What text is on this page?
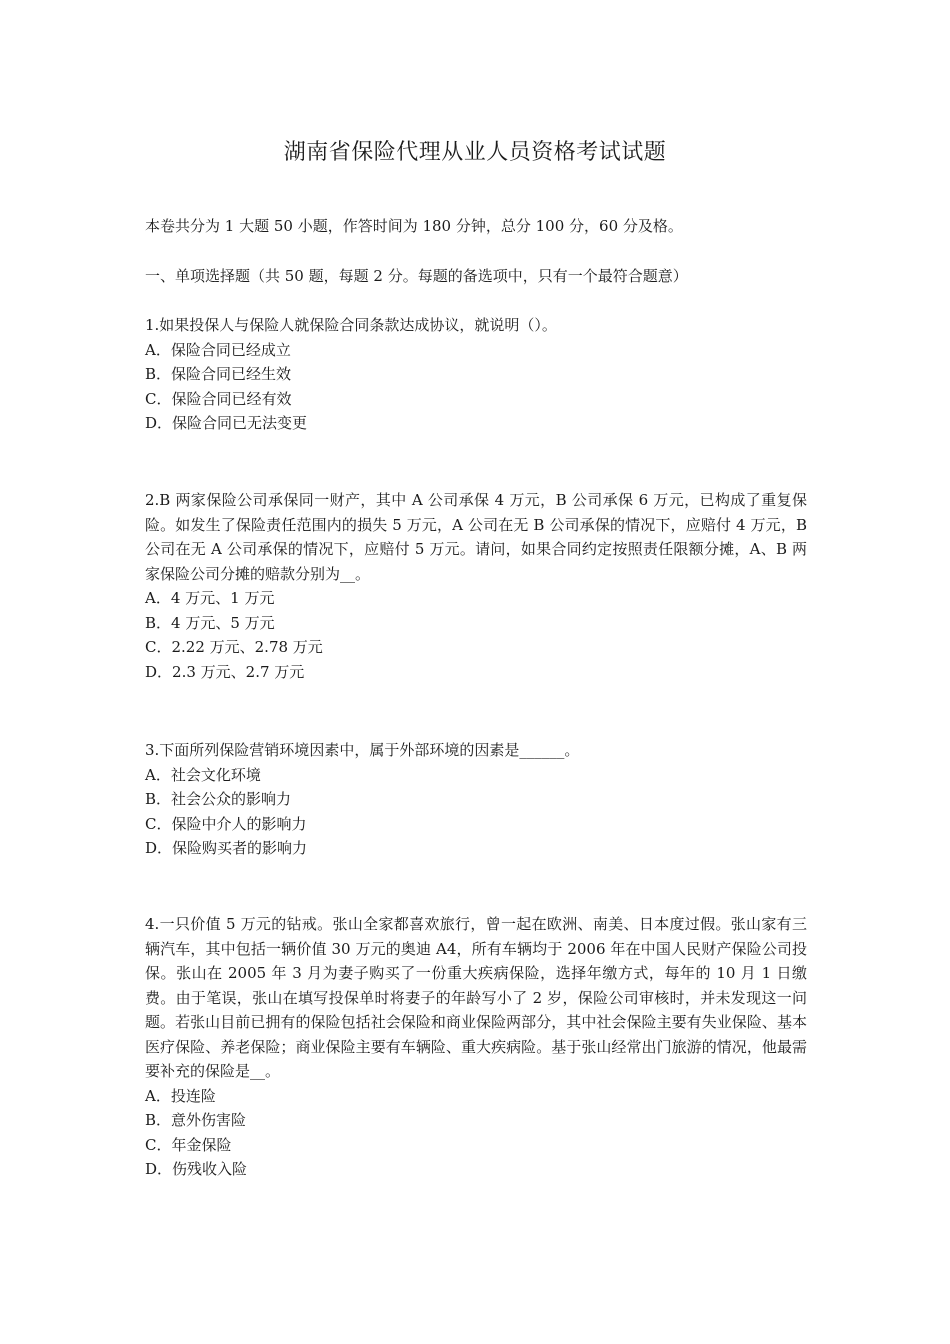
湖南省保险代理从业人员资格考试试题
本卷共分为 1 大题 50 小题，作答时间为 180 分钟，总分 100 分，60 分及格。
一、单项选择题（共 50 题，每题 2 分。每题的备选项中，只有一个最符合题意）
1.如果投保人与保险人就保险合同条款达成协议，就说明（）。
A．保险合同已经成立
B．保险合同已经生效
C．保险合同已经有效
D．保险合同已无法变更
2.B 两家保险公司承保同一财产，其中 A 公司承保 4 万元，B 公司承保 6 万元，已构成了重复保险。如发生了保险责任范围内的损失 5 万元，A 公司在无 B 公司承保的情况下，应赔付 4 万元，B 公司在无 A 公司承保的情况下，应赔付 5 万元。请问，如果合同约定按照责任限额分摊，A、B 两家保险公司分摊的赔款分别为__。
A．4 万元、1 万元
B．4 万元、5 万元
C．2.22 万元、2.78 万元
D．2.3 万元、2.7 万元
3.下面所列保险营销环境因素中，属于外部环境的因素是______。
A．社会文化环境
B．社会公众的影响力
C．保险中介人的影响力
D．保险购买者的影响力
4.一只价值 5 万元的钻戒。张山全家都喜欢旅行，曾一起在欧洲、南美、日本度过假。张山家有三辆汽车，其中包括一辆价值 30 万元的奥迪 A4，所有车辆均于 2006 年在中国人民财产保险公司投保。张山在 2005 年 3 月为妻子购买了一份重大疾病保险，选择年缴方式，每年的 10 月 1 日缴费。由于笔误，张山在填写投保单时将妻子的年龄写小了 2 岁，保险公司审核时，并未发现这一问题。若张山目前已拥有的保险包括社会保险和商业保险两部分，其中社会保险主要有失业保险、基本医疗保险、养老保险；商业保险主要有车辆险、重大疾病险。基于张山经常出门旅游的情况，他最需要补充的保险是__。
A．投连险
B．意外伤害险
C．年金保险
D．伤残收入险
